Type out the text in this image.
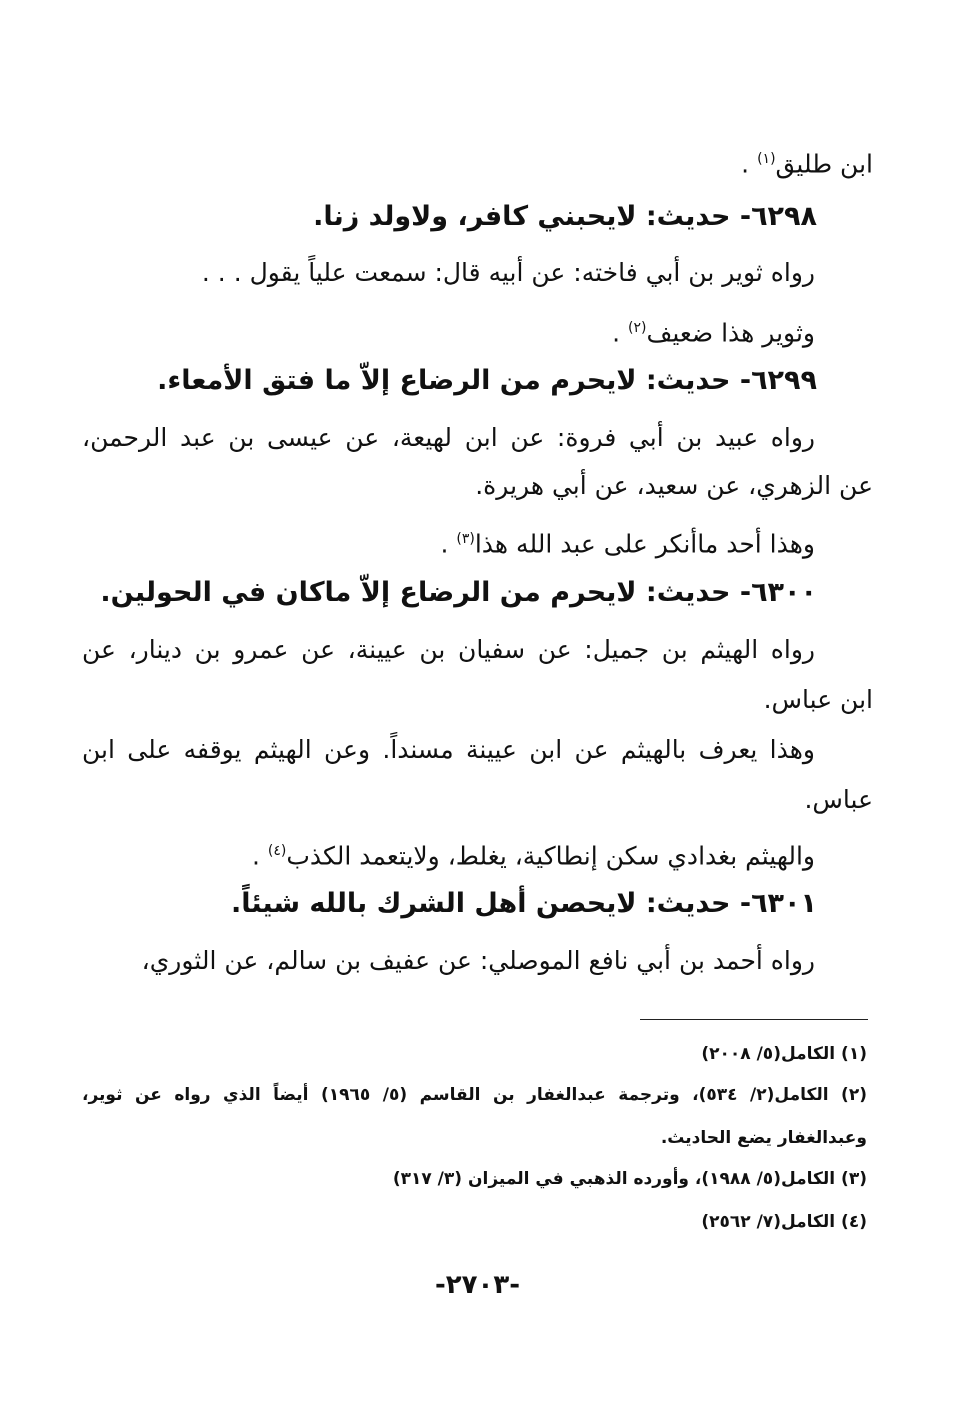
ابن طليق$^{(١)}$ .
٦٢٩٨- حديث: لايحبني كافر، ولاولد زنا.
رواه ثوير بن أبي فاخته: عن أبيه قال: سمعت علياً يقول . . .
وثوير هذا ضعيف$^{(٢)}$ .
٦٢٩٩- حديث: لايحرم من الرضاع إلاّ ما فتق الأمعاء.
رواه عبيد بن أبي فروة: عن ابن لهيعة، عن عيسى بن عبد الرحمن،
عن الزهري، عن سعيد، عن أبي هريرة.
وهذا أحد ماأنكر على عبد الله هذا$^{(٣)}$ .
٦٣٠٠- حديث: لايحرم من الرضاع إلاّ ماكان في الحولين.
رواه الهيثم بن جميل: عن سفيان بن عيينة، عن عمرو بن دينار، عن
ابن عباس.
وهذا يعرف بالهيثم عن ابن عيينة مسنداً. وعن الهيثم يوقفه على ابن
عباس.
والهيثم بغدادي سكن إنطاكية، يغلط، ولايتعمد الكذب$^{(٤)}$ .
٦٣٠١- حديث: لايحصن أهل الشرك بالله شيئاً.
رواه أحمد بن أبي نافع الموصلي: عن عفيف بن سالم، عن الثوري،
(١) الكامل(٥/ ٢٠٠٨)
(٢) الكامل(٢/ ٥٣٤)، وترجمة عبدالغفار بن القاسم (٥/ ١٩٦٥) أيضاً الذي رواه عن ثوير،
وعبدالغفار يضع الحاديث.
(٣) الكامل(٥/ ١٩٨٨)، وأورده الذهبي في الميزان (٣/ ٣١٧)
(٤) الكامل(٧/ ٢٥٦٢)
-٢٧٠٣-
